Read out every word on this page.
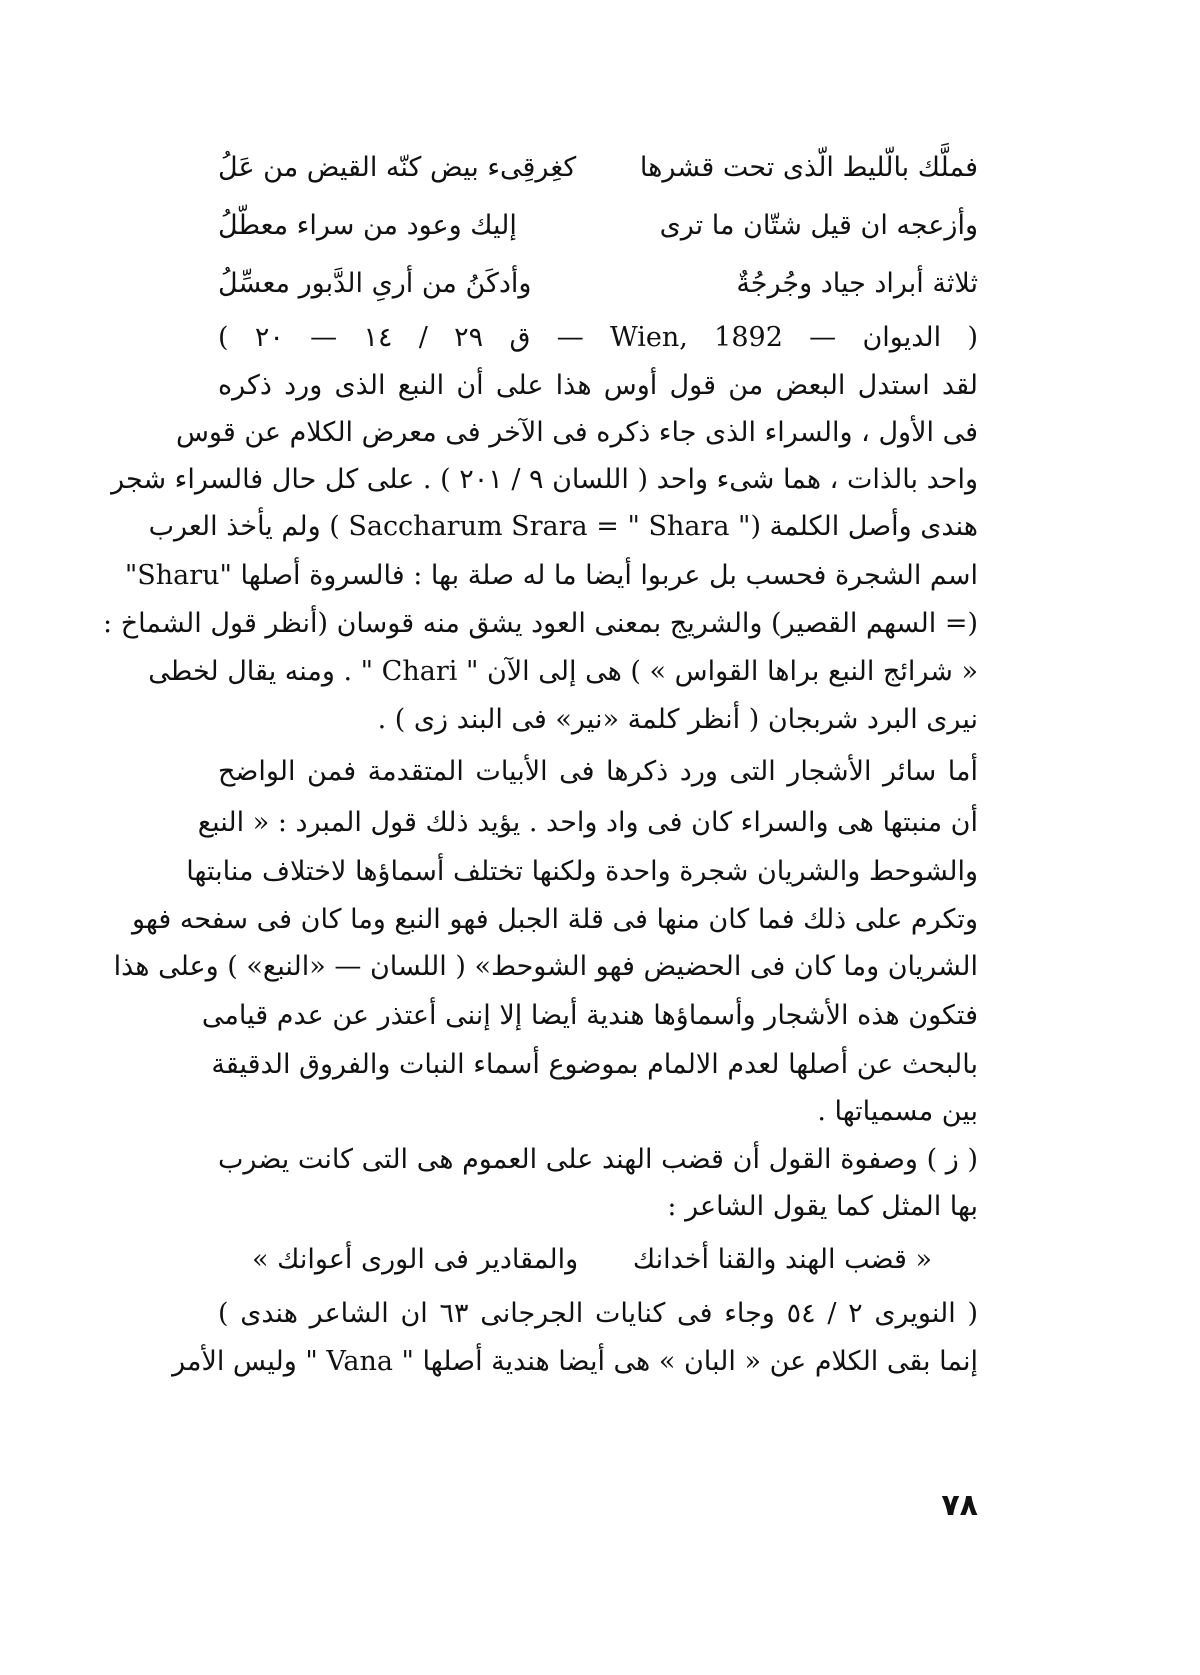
فملَّك بالّليط الّذى تحت قشرها
كغِرقِىء بيض كنّه القيض من عَلُ
وأزعجه ان قيل شتّان ما ترى
إليك وعود من سراء معطّلُ
ثلاثة أبراد جياد وجُرجُةٌ
وأدكَنُ من أرىِ الدَّبور معسِّلُ
( الديوان — Wien, 1892 — ق ٢٩ / ١٤ — ٢٠ )
لقد استدل البعض من قول أوس هذا على أن النبع الذى ورد ذكره
فى الأول ، والسراء الذى جاء ذكره فى الآخر فى معرض الكلام عن قوس
واحد بالذات ، هما شىء واحد ( اللسان ٩ / ٢٠١ ) . على كل حال فالسراء شجر
هندى وأصل الكلمة (" Saccharum Srara = " Shara ) ولم يأخذ العرب
اسم الشجرة فحسب بل عربوا أيضا ما له صلة بها : فالسروة أصلها "Sharu"
(= السهم القصير) والشريج بمعنى العود يشق منه قوسان (أنظر قول الشماخ :
« شرائج النبع براها القواس » ) هى إلى الآن " Chari " . ومنه يقال لخطى
نيرى البرد شربجان ( أنظر كلمة «نير» فى البند زى ) .
أما سائر الأشجار التى ورد ذكرها فى الأبيات المتقدمة فمن الواضح
أن منبتها هى والسراء كان فى واد واحد . يؤيد ذلك قول المبرد : « النبع
والشوحط والشريان شجرة واحدة ولكنها تختلف أسماؤها لاختلاف منابتها
وتكرم على ذلك فما كان منها فى قلة الجبل فهو النبع وما كان فى سفحه فهو
الشريان وما كان فى الحضيض فهو الشوحط» ( اللسان — «النبع» ) وعلى هذا
فتكون هذه الأشجار وأسماؤها هندية أيضا إلا إننى أعتذر عن عدم قيامى
بالبحث عن أصلها لعدم الالمام بموضوع أسماء النبات والفروق الدقيقة
بين مسمياتها .
( ز ) وصفوة القول أن قضب الهند على العموم هى التى كانت يضرب
بها المثل كما يقول الشاعر :
« قضب الهند والقنا أخدانك
والمقادير فى الورى أعوانك »
( النويرى ٢ / ٥٤ وجاء فى كنايات الجرجانى ٦٣ ان الشاعر هندى )
إنما بقى الكلام عن « البان » هى أيضا هندية أصلها " Vana " وليس الأمر
٧٨
